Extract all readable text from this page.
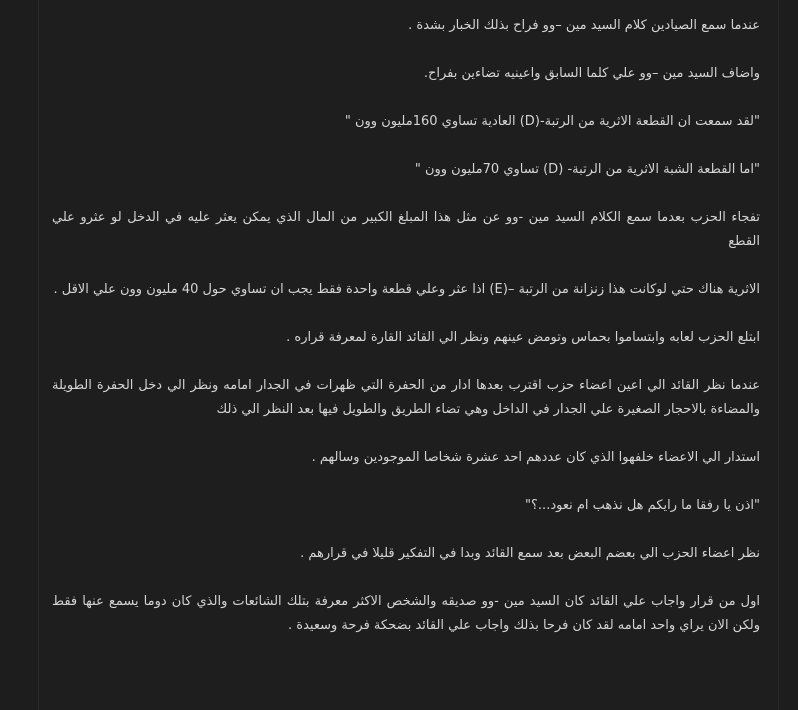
عندما سمع الصيادين كلام السيد مين –وو فراح بذلك الخبار بشدة .

واضاف السيد مين –وو علي كلما السابق واعينيه تضاءين بفراح.

"لقد سمعت ان القطعة الاثرية من الرتبة-(D) العادية تساوي 160مليون وون "

"اما القطعة الشبة الاثرية من الرتبة- (D) تساوي 70مليون وون "

تفجاء الحزب بعدما سمع الكلام السيد مين -وو عن مثل هذا المبلغ الكبير من المال الذي يمكن يعثر عليه في الدخل لو عثرو علي القطع

الاثرية هناك حتي لوكانت هذا زنزانة من الرتبة –(E) اذا عثر وعلي قطعة واحدة فقط يجب ان تساوي حول 40 مليون وون علي الاقل .

ابتلع الحزب لعابه وابتساموا بحماس وتومض عينهم ونظر الي القائد القارة لمعرفة قراره .

عندما نظر القائد الي اعين اعضاء حزب اقترب بعدها ادار من الحفرة التي ظهرات في الجدار امامه ونظر الي دخل الحفرة الطويلة والمضاءة بالاحجار الصغيرة علي الجدار في الداخل وهي تضاء الطريق والطويل فيها بعد النظر الي ذلك

استدار الي الاعضاء خلفهوا الذي كان عددهم احد عشرة شخاصا الموجودين وسالهم .

"اذن يا رفقا ما رايكم هل نذهب ام نعود...؟"

نظر اعضاء الحزب الي بعضم البعض بعد سمع القائد وبدا في التفكير قليلا في قرارهم .

اول من قرار واجاب علي القائد كان السيد مين -وو صديقه والشخص الاكثر معرفة بتلك الشائعات والذي كان دوما يسمع عنها فقط ولكن الان يراي واحد امامه لقد كان فرحا بذلك واجاب علي القائد بضحكة فرحة وسعيدة .
